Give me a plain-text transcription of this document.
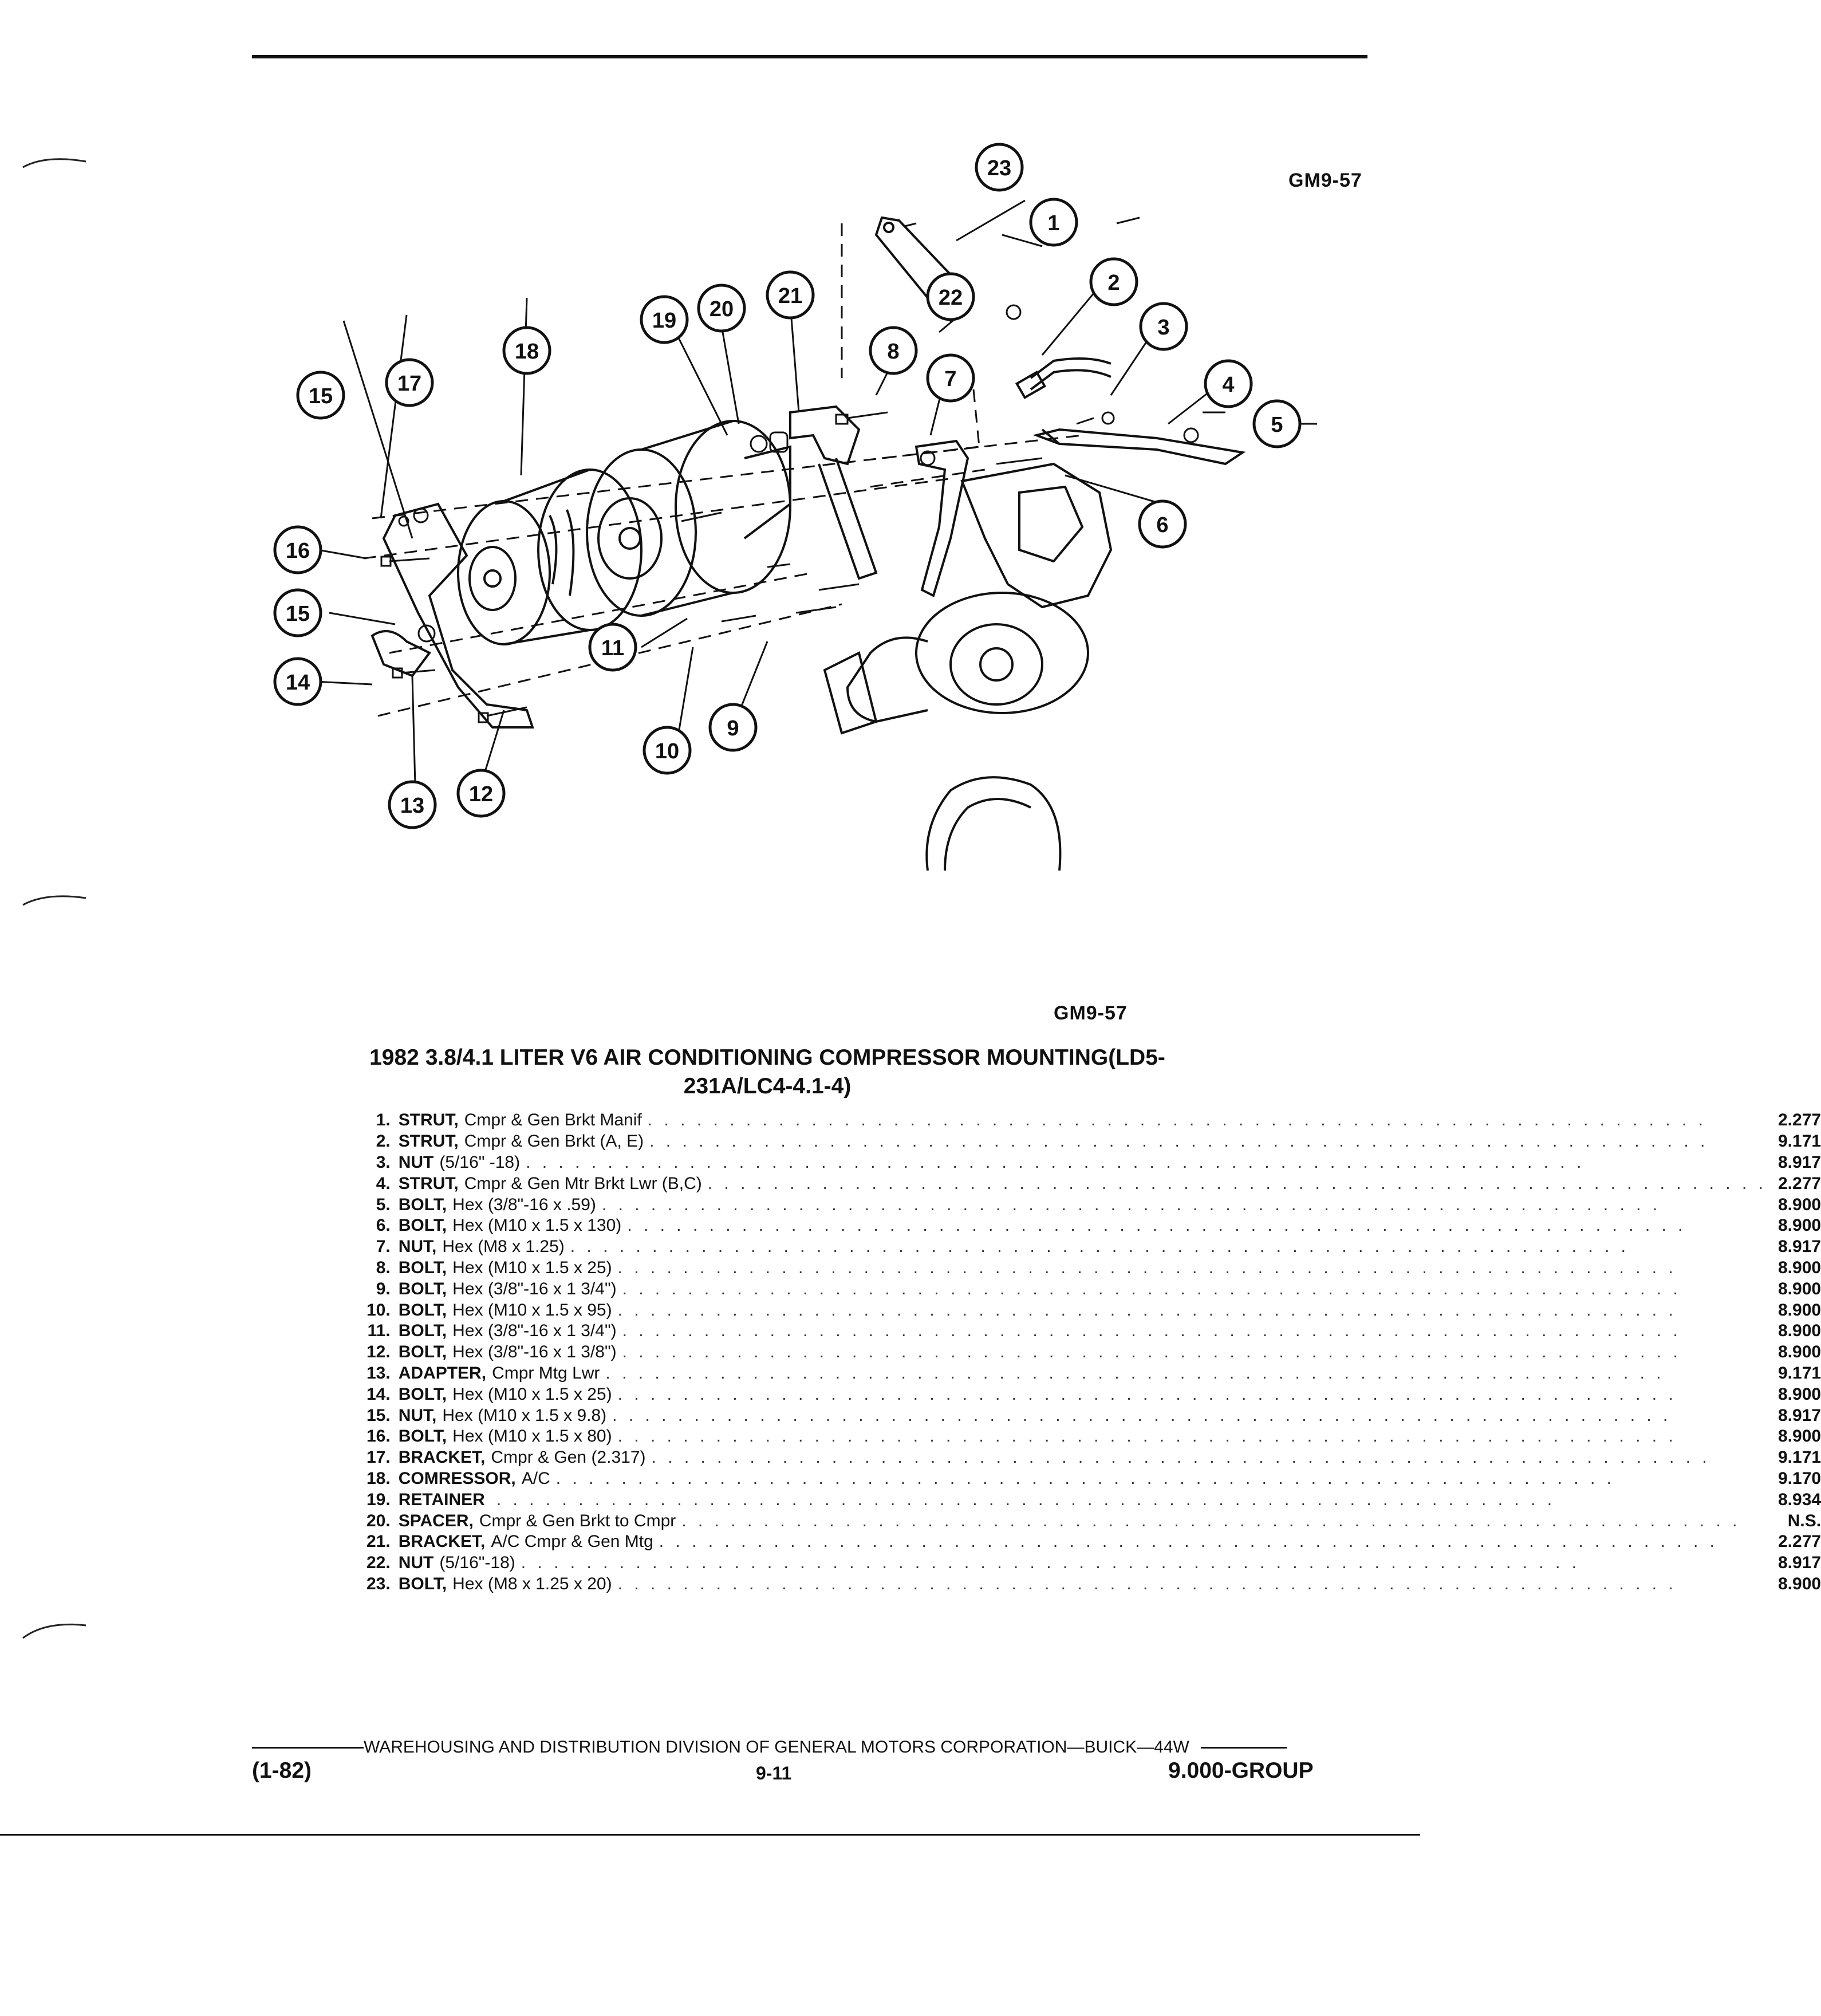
GM9-57
23
1
22
2
3
4
5
6
7
8
21
20
19
18
17
15
16
15
14
13 12
10
9
11
GM9-57
1982 3.8/4.1 LITER V6 AIR CONDITIONING COMPRESSOR MOUNTING(LD5-
231A/LC4-4.1-4)
1.	STRUT, Cmpr & Gen Brkt Manif . . . . . . . . . . . . . . . . . . . . . . . . . . . . . . . . . . . . . . . . . . . . . . . . . . . . . . . . . . . . . . . . .	2.277
2.	STRUT, Cmpr & Gen Brkt (A, E) . . . . . . . . . . . . . . . . . . . . . . . . . . . . . . . . . . . . . . . . . . . . . . . . . . . . . . . . . . . . . . . . .	9.171
3.	NUT (5/16" -18) . . . . . . . . . . . . . . . . . . . . . . . . . . . . . . . . . . . . . . . . . . . . . . . . . . . . . . . . . . . . . . . . .	8.917
4.	STRUT, Cmpr & Gen Mtr Brkt Lwr (B,C) . . . . . . . . . . . . . . . . . . . . . . . . . . . . . . . . . . . . . . . . . . . . . . . . . . . . . . . . . . . . . . . . .	2.277
5.	BOLT, Hex (3/8"-16 x .59) . . . . . . . . . . . . . . . . . . . . . . . . . . . . . . . . . . . . . . . . . . . . . . . . . . . . . . . . . . . . . . . . .	8.900
6.	BOLT, Hex (M10 x 1.5 x 130) . . . . . . . . . . . . . . . . . . . . . . . . . . . . . . . . . . . . . . . . . . . . . . . . . . . . . . . . . . . . . . . . .	8.900
7.	NUT, Hex (M8 x 1.25) . . . . . . . . . . . . . . . . . . . . . . . . . . . . . . . . . . . . . . . . . . . . . . . . . . . . . . . . . . . . . . . . .	8.917
8.	BOLT, Hex (M10 x 1.5 x 25) . . . . . . . . . . . . . . . . . . . . . . . . . . . . . . . . . . . . . . . . . . . . . . . . . . . . . . . . . . . . . . . . .	8.900
9.	BOLT, Hex (3/8"-16 x 1 3/4") . . . . . . . . . . . . . . . . . . . . . . . . . . . . . . . . . . . . . . . . . . . . . . . . . . . . . . . . . . . . . . . . .	8.900
10.	BOLT, Hex (M10 x 1.5 x 95) . . . . . . . . . . . . . . . . . . . . . . . . . . . . . . . . . . . . . . . . . . . . . . . . . . . . . . . . . . . . . . . . .	8.900
11.	BOLT, Hex (3/8"-16 x 1 3/4") . . . . . . . . . . . . . . . . . . . . . . . . . . . . . . . . . . . . . . . . . . . . . . . . . . . . . . . . . . . . . . . . .	8.900
12.	BOLT, Hex (3/8"-16 x 1 3/8") . . . . . . . . . . . . . . . . . . . . . . . . . . . . . . . . . . . . . . . . . . . . . . . . . . . . . . . . . . . . . . . . .	8.900
13.	ADAPTER, Cmpr Mtg Lwr . . . . . . . . . . . . . . . . . . . . . . . . . . . . . . . . . . . . . . . . . . . . . . . . . . . . . . . . . . . . . . . . .	9.171
14.	BOLT, Hex (M10 x 1.5 x 25) . . . . . . . . . . . . . . . . . . . . . . . . . . . . . . . . . . . . . . . . . . . . . . . . . . . . . . . . . . . . . . . . .	8.900
15.	NUT, Hex (M10 x 1.5 x 9.8) . . . . . . . . . . . . . . . . . . . . . . . . . . . . . . . . . . . . . . . . . . . . . . . . . . . . . . . . . . . . . . . . .	8.917
16.	BOLT, Hex (M10 x 1.5 x 80) . . . . . . . . . . . . . . . . . . . . . . . . . . . . . . . . . . . . . . . . . . . . . . . . . . . . . . . . . . . . . . . . .	8.900
17.	BRACKET, Cmpr & Gen (2.317) . . . . . . . . . . . . . . . . . . . . . . . . . . . . . . . . . . . . . . . . . . . . . . . . . . . . . . . . . . . . . . . . .	9.171
18.	COMRESSOR, A/C . . . . . . . . . . . . . . . . . . . . . . . . . . . . . . . . . . . . . . . . . . . . . . . . . . . . . . . . . . . . . . . . .	9.170
19.	RETAINER . . . . . . . . . . . . . . . . . . . . . . . . . . . . . . . . . . . . . . . . . . . . . . . . . . . . . . . . . . . . . . . . .	8.934
20.	SPACER, Cmpr & Gen Brkt to Cmpr . . . . . . . . . . . . . . . . . . . . . . . . . . . . . . . . . . . . . . . . . . . . . . . . . . . . . . . . . . . . . . . . .	N.S.
21.	BRACKET, A/C Cmpr & Gen Mtg . . . . . . . . . . . . . . . . . . . . . . . . . . . . . . . . . . . . . . . . . . . . . . . . . . . . . . . . . . . . . . . . .	2.277
22.	NUT (5/16"-18) . . . . . . . . . . . . . . . . . . . . . . . . . . . . . . . . . . . . . . . . . . . . . . . . . . . . . . . . . . . . . . . . .	8.917
23.	BOLT, Hex (M8 x 1.25 x 20) . . . . . . . . . . . . . . . . . . . . . . . . . . . . . . . . . . . . . . . . . . . . . . . . . . . . . . . . . . . . . . . . .	8.900
WAREHOUSING AND DISTRIBUTION DIVISION OF GENERAL MOTORS CORPORATION—BUICK—44W
(1-82)	9-11	9.000-GROUP
